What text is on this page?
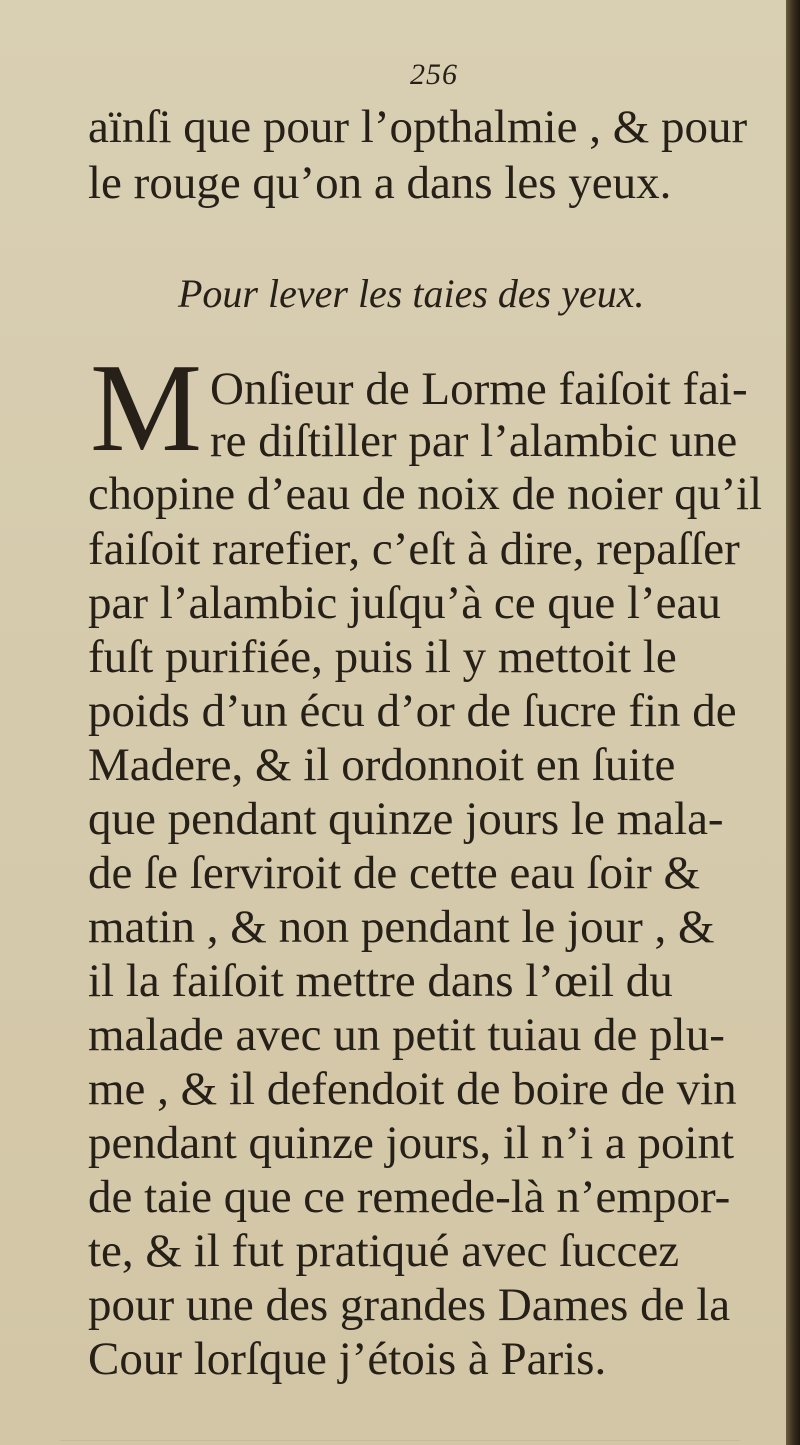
256
aïnſi que pour l’opthalmie , & pour
le rouge qu’on a dans les yeux.
Pour lever les taies des yeux.
M Onſieur de Lorme faiſoit fai-
re diſtiller par l’alambic une
chopine d’eau de noix de noier qu’il
faiſoit rarefier, c’eſt à dire, repaſſer
par l’alambic juſqu’à ce que l’eau
fuſt purifiée, puis il y mettoit le
poids d’un écu d’or de ſucre fin de
Madere, & il ordonnoit en ſuite
que pendant quinze jours le mala-
de ſe ſerviroit de cette eau ſoir &
matin , & non pendant le jour , &
il la faiſoit mettre dans l’œil du
malade avec un petit tuiau de plu-
me , & il defendoit de boire de vin
pendant quinze jours, il n’i a point
de taie que ce remede-là n’empor-
te, & il fut pratiqué avec ſuccez
pour une des grandes Dames de la
Cour lorſque j’étois à Paris.
